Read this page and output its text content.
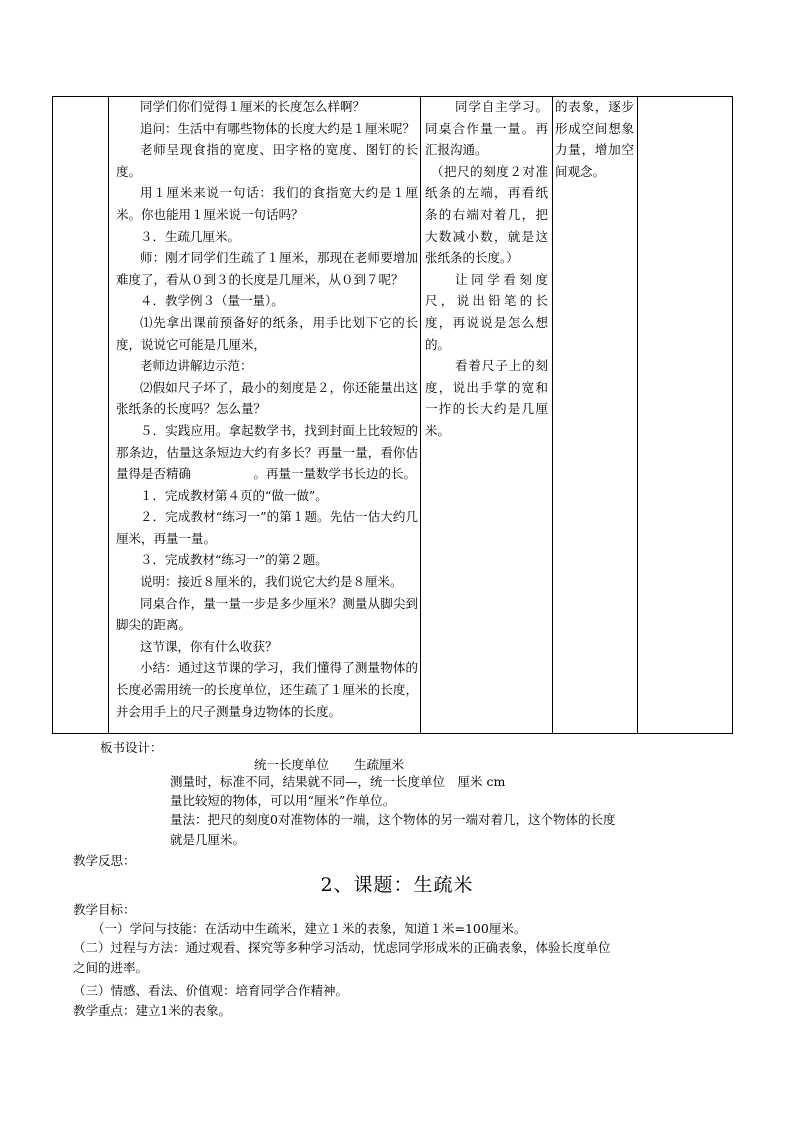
同学们你们觉得１厘米的长度怎么样啊？

追问：生活中有哪些物体的长度大约是１厘米呢？

老师呈现食指的宽度、田字格的宽度、图钉的长度。

用１厘米来说一句话：我们的食指宽大约是１厘米。你也能用１厘米说一句话吗？

３．生疏几厘米。

师：刚才同学们生疏了１厘米，那现在老师要增加难度了，看从０到３的长度是几厘米，从０到７呢？

４．教学例３（量一量）。

⑴先拿出课前预备好的纸条，用手比划下它的长度，说说它可能是几厘米，

老师边讲解边示范：

⑵假如尺子坏了，最小的刻度是２，你还能量出这张纸条的长度吗？怎么量？

５．实践应用。拿起数学书，找到封面上比较短的那条边，估量这条短边大约有多长？再量一量，看你估量得是否精确　　　　　。再量一量数学书长边的长。

１．完成教材第４页的“做一做”。

２．完成教材“练习一”的第１题。先估一估大约几厘米，再量一量。

３．完成教材“练习一”的第２题。

说明：接近８厘米的，我们说它大约是８厘米。

同桌合作，量一量一步是多少厘米？测量从脚尖到脚尖的距离。

这节课，你有什么收获？

小结：通过这节课的学习，我们懂得了测量物体的长度必需用统一的长度单位，还生疏了１厘米的长度，并会用手上的尺子测量身边物体的长度。

同学自主学习。同桌合作量一量。再汇报沟通。

（把尺的刻度２对准纸条的左端，再看纸条的右端对着几，把大数减小数，就是这张纸条的长度。）

让同学看刻度尺，说出铅笔的长度，再说说是怎么想的。

看着尺子上的刻度，说出手掌的宽和一拃的长大约是几厘米。

的表象，逐步形成空间想象力量，增加空间观念。

板书设计：
统一长度单位　　生疏厘米
测量时，标准不同，结果就不同—，统一长度单位　厘米 cm
量比较短的物体，可以用“厘米”作单位。
量法：把尺的刻度0对准物体的一端，这个物体的另一端对着几，这个物体的长度
就是几厘米。
教学反思：
2、课题：生疏米
教学目标：
（一）学问与技能：在活动中生疏米，建立１米的表象，知道１米=100厘米。
（二）过程与方法：通过观看、探究等多种学习活动，忧虑同学形成米的正确表象，体验长度单位
之间的进率。
（三）情感、看法、价值观：培育同学合作精神。
教学重点：建立1米的表象。
